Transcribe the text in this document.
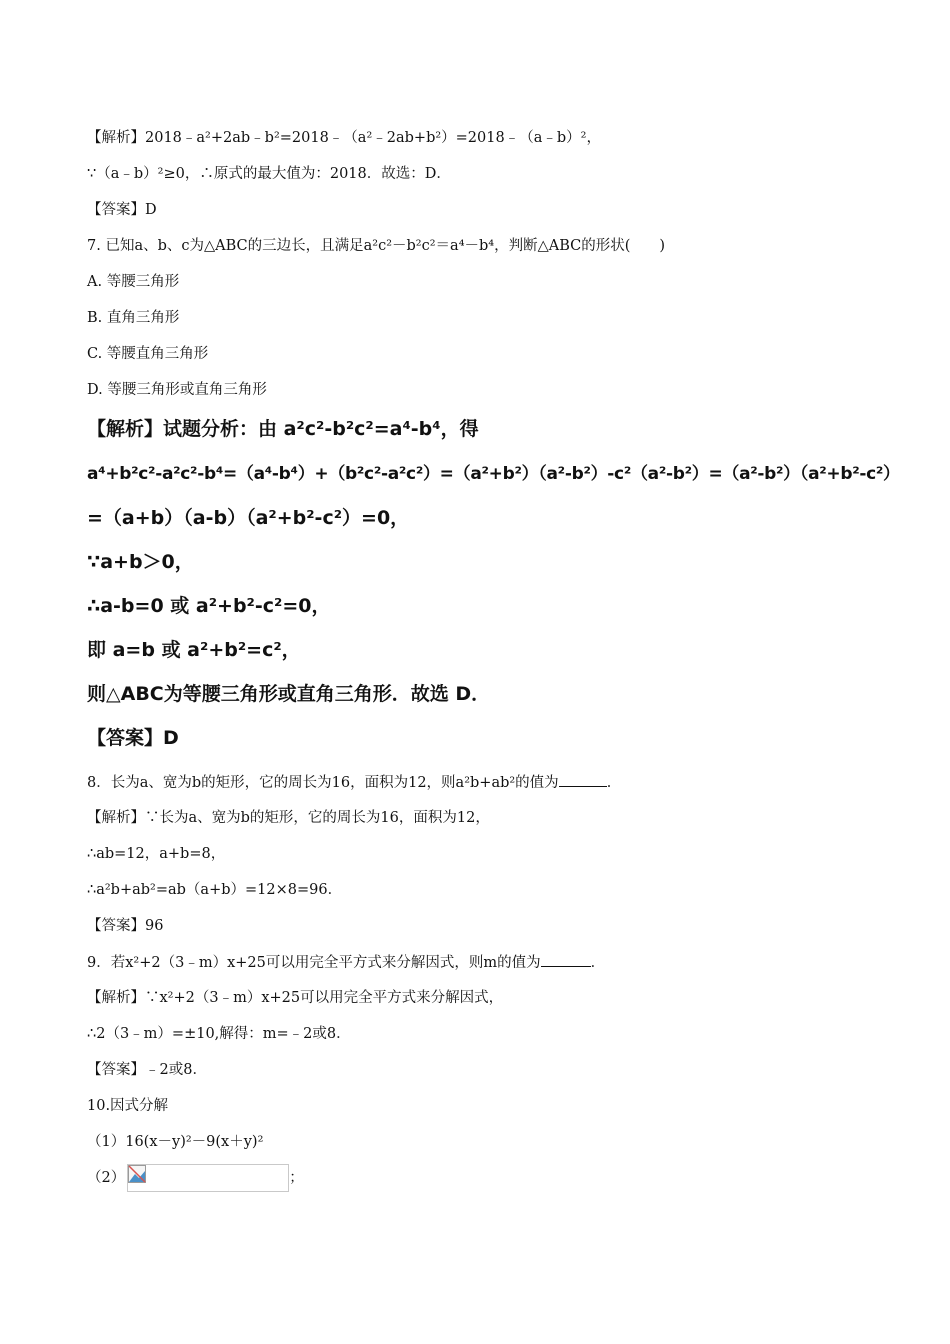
【解析】2018﹣a²+2ab﹣b²=2018﹣（a²﹣2ab+b²）=2018﹣（a﹣b）²，
∵（a﹣b）²≥0，∴原式的最大值为：2018．故选：D．
【答案】D
7. 已知a、b、c为△ABC的三边长，且满足a²c²－b²c²＝a⁴－b⁴，判断△ABC的形状(　　)
A. 等腰三角形
B. 直角三角形
C. 等腰直角三角形
D. 等腰三角形或直角三角形
【解析】试题分析：由 a²c²-b²c²=a⁴-b⁴，得
a⁴+b²c²-a²c²-b⁴=（a⁴-b⁴）+（b²c²-a²c²）=（a²+b²）（a²-b²）-c²（a²-b²）=（a²-b²）（a²+b²-c²）
=（a+b）（a-b）（a²+b²-c²）=0，
∵a+b＞0，
∴a-b=0 或 a²+b²-c²=0，
即 a=b 或 a²+b²=c²，
则△ABC为等腰三角形或直角三角形．故选 D．
【答案】D
8．长为a、宽为b的矩形，它的周长为16，面积为12，则a²b+ab²的值为	．
【解析】∵长为a、宽为b的矩形，它的周长为16，面积为12，
∴ab=12，a+b=8，
∴a²b+ab²=ab（a+b）=12×8=96．
【答案】96
9．若x²+2（3﹣m）x+25可以用完全平方式来分解因式，则m的值为	．
【解析】∵x²+2（3﹣m）x+25可以用完全平方式来分解因式，
∴2（3﹣m）=±10,解得：m=﹣2或8．
【答案】﹣2或8．
10.因式分解
（1）16(x－y)²－9(x＋y)²
（2）	；
